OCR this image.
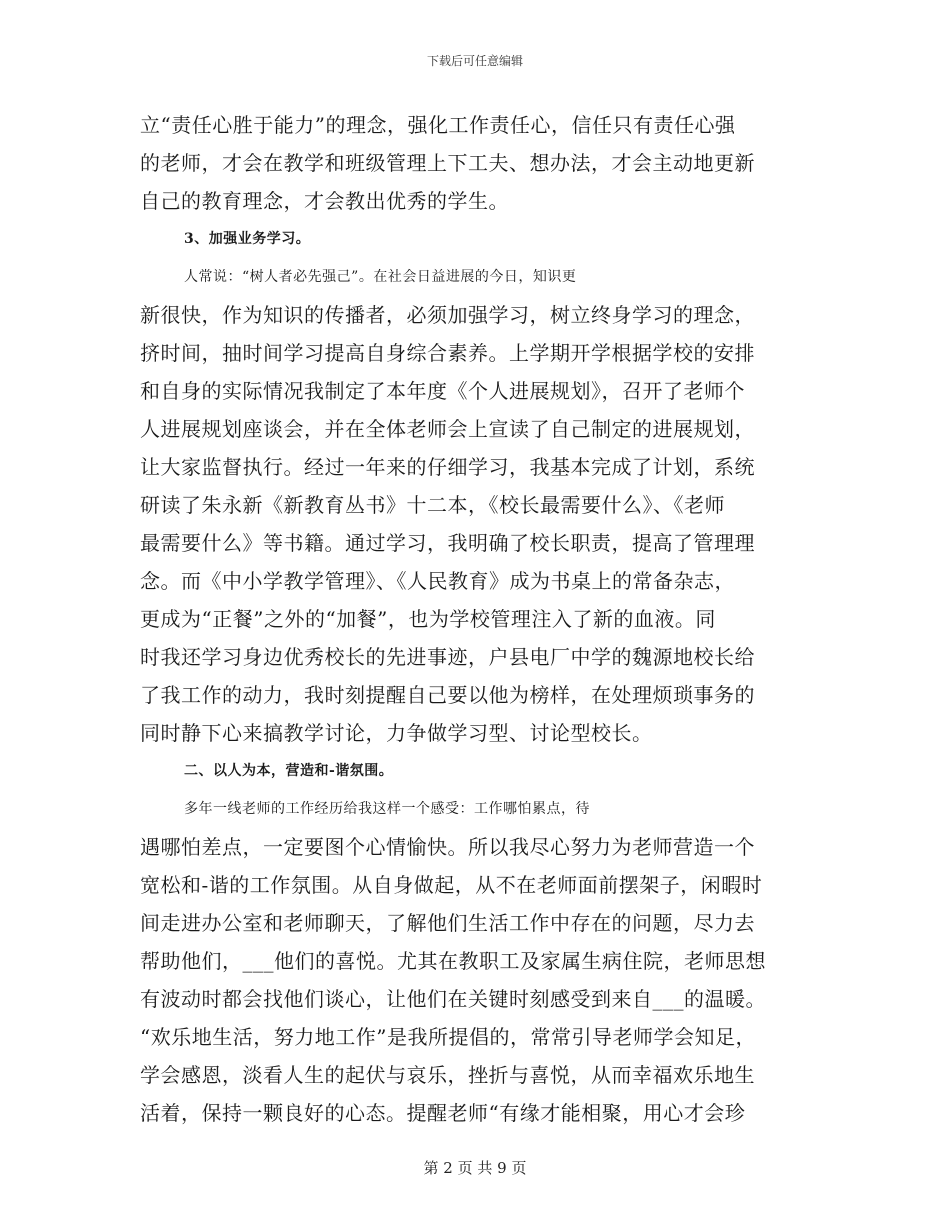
下载后可任意编辑
立“责任心胜于能力”的理念，强化工作责任心，信任只有责任心强
的老师，才会在教学和班级管理上下工夫、想办法，才会主动地更新
自己的教育理念，才会教出优秀的学生。
3、加强业务学习。
人常说：“树人者必先强己”。在社会日益进展的今日，知识更
新很快，作为知识的传播者，必须加强学习，树立终身学习的理念，
挤时间，抽时间学习提高自身综合素养。上学期开学根据学校的安排
和自身的实际情况我制定了本年度《个人进展规划》，召开了老师个
人进展规划座谈会，并在全体老师会上宣读了自己制定的进展规划，
让大家监督执行。经过一年来的仔细学习，我基本完成了计划，系统
研读了朱永新《新教育丛书》十二本，《校长最需要什么》、《老师
最需要什么》等书籍。通过学习，我明确了校长职责，提高了管理理
念。而《中小学教学管理》、《人民教育》成为书桌上的常备杂志，
更成为“正餐”之外的“加餐”，也为学校管理注入了新的血液。同
时我还学习身边优秀校长的先进事迹，户县电厂中学的魏源地校长给
了我工作的动力，我时刻提醒自己要以他为榜样，在处理烦琐事务的
同时静下心来搞教学讨论，力争做学习型、讨论型校长。
二、以人为本，营造和-谐氛围。
多年一线老师的工作经历给我这样一个感受：工作哪怕累点，待
遇哪怕差点，一定要图个心情愉快。所以我尽心努力为老师营造一个
宽松和-谐的工作氛围。从自身做起，从不在老师面前摆架子，闲暇时
间走进办公室和老师聊天，了解他们生活工作中存在的问题，尽力去
帮助他们，___他们的喜悦。尤其在教职工及家属生病住院，老师思想
有波动时都会找他们谈心，让他们在关键时刻感受到来自___的温暖。
“欢乐地生活，努力地工作”是我所提倡的，常常引导老师学会知足，
学会感恩，淡看人生的起伏与哀乐，挫折与喜悦，从而幸福欢乐地生
活着，保持一颗良好的心态。提醒老师“有缘才能相聚，用心才会珍
第 2 页 共 9 页
